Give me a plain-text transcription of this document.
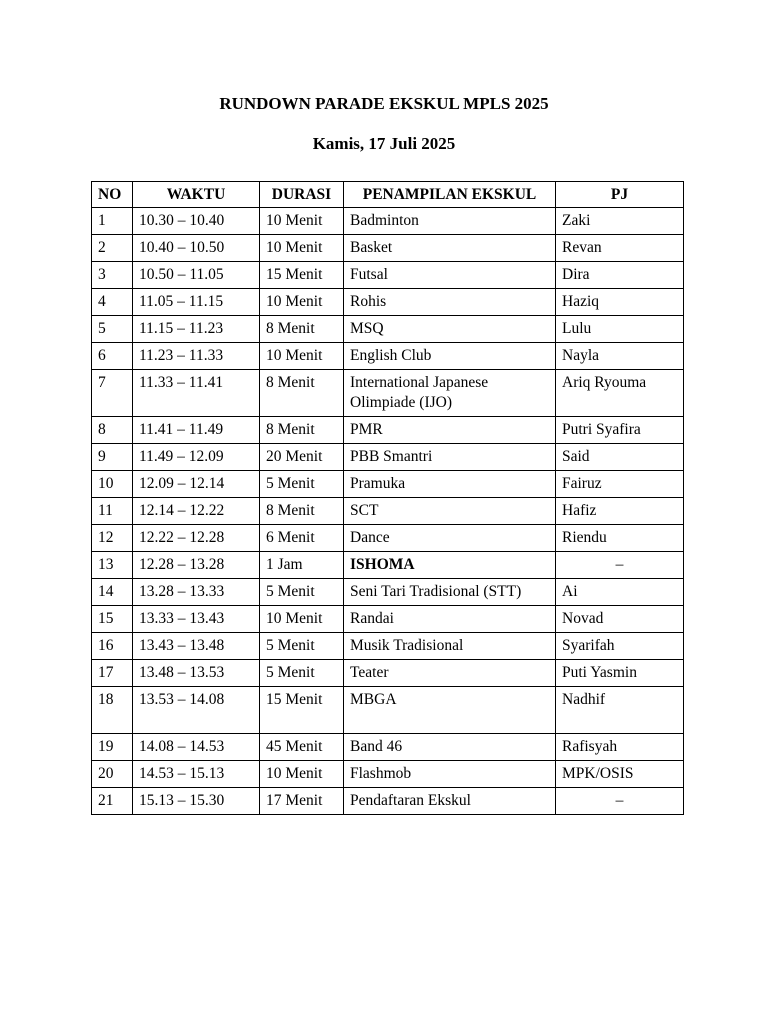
RUNDOWN PARADE EKSKUL MPLS 2025
Kamis, 17 Juli 2025
NO	WAKTU	DURASI	PENAMPILAN EKSKUL	PJ
1	10.30 – 10.40	10 Menit	Badminton	Zaki
2	10.40 – 10.50	10 Menit	Basket	Revan
3	10.50 – 11.05	15 Menit	Futsal	Dira
4	11.05 – 11.15	10 Menit	Rohis	Haziq
5	11.15 – 11.23	8 Menit	MSQ	Lulu
6	11.23 – 11.33	10 Menit	English Club	Nayla
7	11.33 – 11.41	8 Menit	International Japanese Olimpiade (IJO)	Ariq Ryouma
8	11.41 – 11.49	8 Menit	PMR	Putri Syafira
9	11.49 – 12.09	20 Menit	PBB Smantri	Said
10	12.09 – 12.14	5 Menit	Pramuka	Fairuz
11	12.14 – 12.22	8 Menit	SCT	Hafiz
12	12.22 – 12.28	6 Menit	Dance	Riendu
13	12.28 – 13.28	1 Jam	ISHOMA	–
14	13.28 – 13.33	5 Menit	Seni Tari Tradisional (STT)	Ai
15	13.33 – 13.43	10 Menit	Randai	Novad
16	13.43 – 13.48	5 Menit	Musik Tradisional	Syarifah
17	13.48 – 13.53	5 Menit	Teater	Puti Yasmin
18	13.53 – 14.08	15 Menit	MBGA	Nadhif
19	14.08 – 14.53	45 Menit	Band 46	Rafisyah
20	14.53 – 15.13	10 Menit	Flashmob	MPK/OSIS
21	15.13 – 15.30	17 Menit	Pendaftaran Ekskul	–
